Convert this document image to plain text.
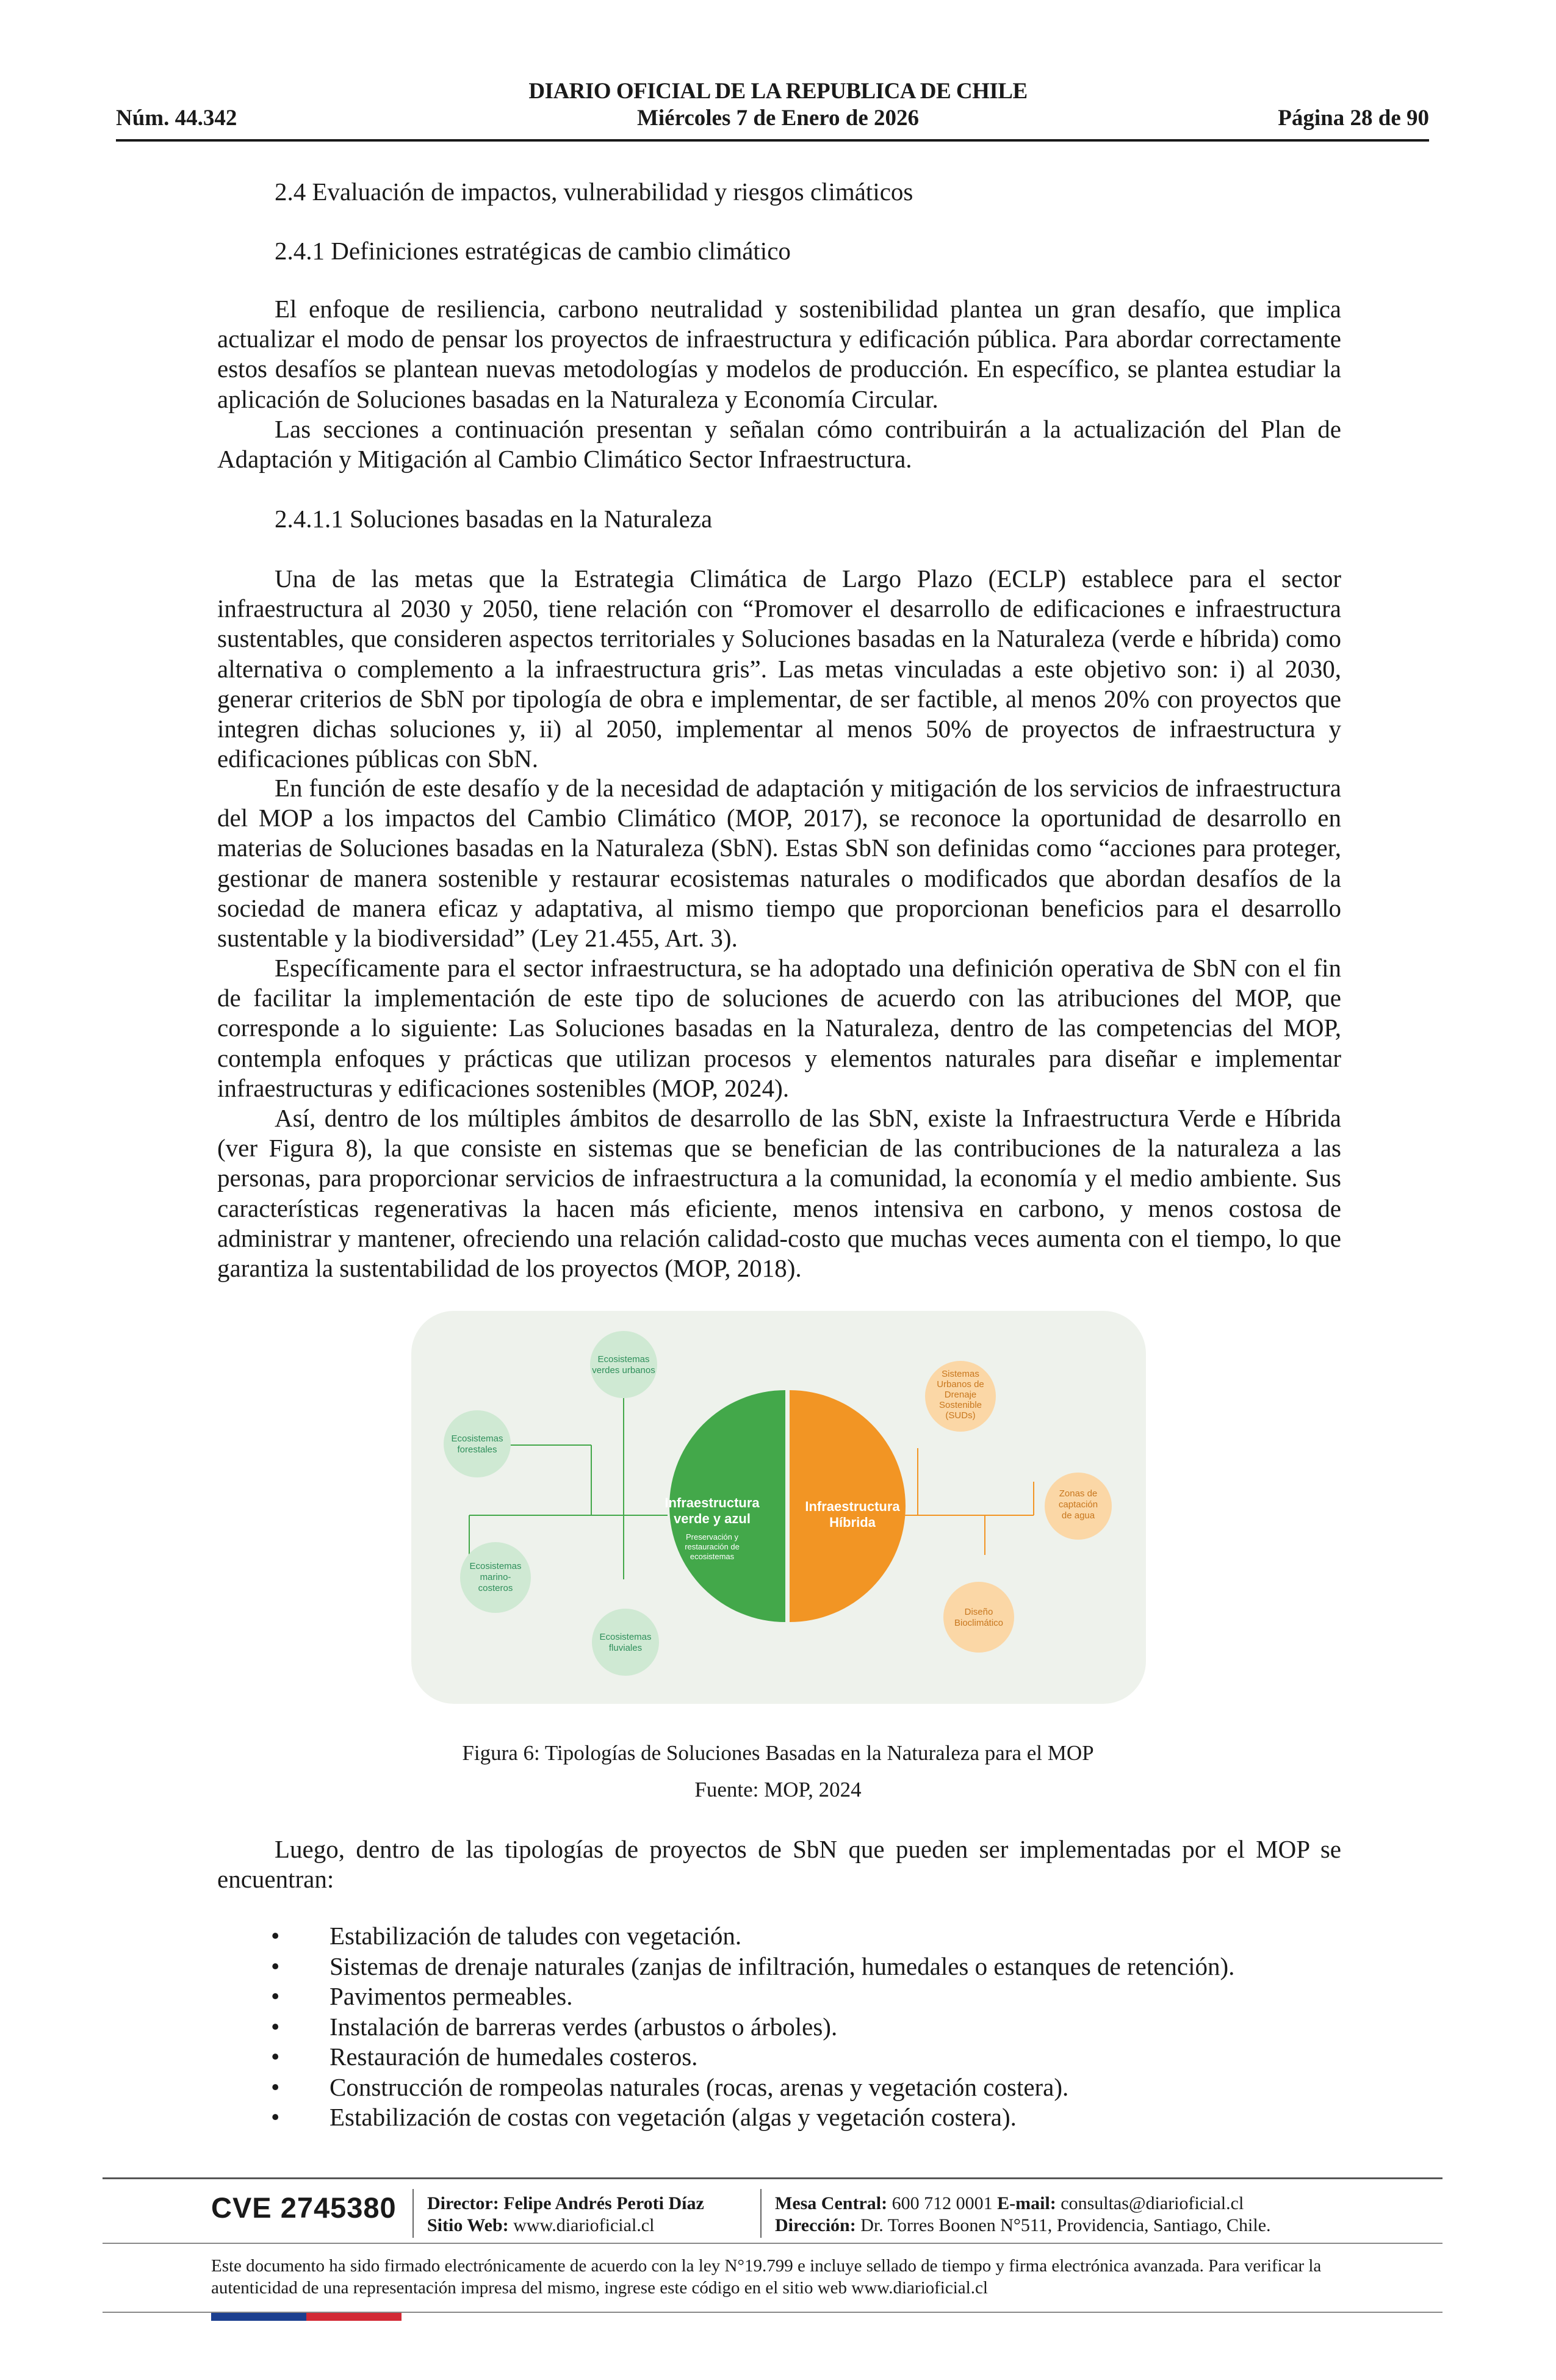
DIARIO OFICIAL DE LA REPUBLICA DE CHILE
Núm. 44.342	Miércoles 7 de Enero de 2026	Página 28 de 90
2.4 Evaluación de impactos, vulnerabilidad y riesgos climáticos
2.4.1 Definiciones estratégicas de cambio climático

El enfoque de resiliencia, carbono neutralidad y sostenibilidad plantea un gran desafío, que implica actualizar el modo de pensar los proyectos de infraestructura y edificación pública. Para abordar correctamente estos desafíos se plantean nuevas metodologías y modelos de producción. En específico, se plantea estudiar la aplicación de Soluciones basadas en la Naturaleza y Economía Circular.

Las secciones a continuación presentan y señalan cómo contribuirán a la actualización del Plan de Adaptación y Mitigación al Cambio Climático Sector Infraestructura.

2.4.1.1 Soluciones basadas en la Naturaleza

Una de las metas que la Estrategia Climática de Largo Plazo (ECLP) establece para el sector infraestructura al 2030 y 2050, tiene relación con “Promover el desarrollo de edificaciones e infraestructura sustentables, que consideren aspectos territoriales y Soluciones basadas en la Naturaleza (verde e híbrida) como alternativa o complemento a la infraestructura gris”. Las metas vinculadas a este objetivo son: i) al 2030, generar criterios de SbN por tipología de obra e implementar, de ser factible, al menos 20% con proyectos que integren dichas soluciones y, ii) al 2050, implementar al menos 50% de proyectos de infraestructura y edificaciones públicas con SbN.

En función de este desafío y de la necesidad de adaptación y mitigación de los servicios de infraestructura del MOP a los impactos del Cambio Climático (MOP, 2017), se reconoce la oportunidad de desarrollo en materias de Soluciones basadas en la Naturaleza (SbN). Estas SbN son definidas como “acciones para proteger, gestionar de manera sostenible y restaurar ecosistemas naturales o modificados que abordan desafíos de la sociedad de manera eficaz y adaptativa, al mismo tiempo que proporcionan beneficios para el desarrollo sustentable y la biodiversidad” (Ley 21.455, Art. 3).

Específicamente para el sector infraestructura, se ha adoptado una definición operativa de SbN con el fin de facilitar la implementación de este tipo de soluciones de acuerdo con las atribuciones del MOP, que corresponde a lo siguiente: Las Soluciones basadas en la Naturaleza, dentro de las competencias del MOP, contempla enfoques y prácticas que utilizan procesos y elementos naturales para diseñar e implementar infraestructuras y edificaciones sostenibles (MOP, 2024).

Así, dentro de los múltiples ámbitos de desarrollo de las SbN, existe la Infraestructura Verde e Híbrida (ver Figura 8), la que consiste en sistemas que se benefician de las contribuciones de la naturaleza a las personas, para proporcionar servicios de infraestructura a la comunidad, la economía y el medio ambiente. Sus características regenerativas la hacen más eficiente, menos intensiva en carbono, y menos costosa de administrar y mantener, ofreciendo una relación calidad-costo que muchas veces aumenta con el tiempo, lo que garantiza la sustentabilidad de los proyectos (MOP, 2018).

Infraestructura
verde y azul
Preservación y
restauración de
ecosistemas
Infraestructura
Híbrida
Ecosistemas
verdes urbanos
Ecosistemas
forestales
Ecosistemas
marino-
costeros
Ecosistemas
fluviales
Sistemas
Urbanos de
Drenaje
Sostenible
(SUDs)
Zonas de
captación
de agua
Diseño
Bioclimático
Figura 6: Tipologías de Soluciones Basadas en la Naturaleza para el MOP
Fuente: MOP, 2024

Luego, dentro de las tipologías de proyectos de SbN que pueden ser implementadas por el MOP se encuentran:

• Estabilización de taludes con vegetación.
• Sistemas de drenaje naturales (zanjas de infiltración, humedales o estanques de retención).
• Pavimentos permeables.
• Instalación de barreras verdes (arbustos o árboles).
• Restauración de humedales costeros.
• Construcción de rompeolas naturales (rocas, arenas y vegetación costera).
• Estabilización de costas con vegetación (algas y vegetación costera).
CVE 2745380 Director: Felipe Andrés Peroti Díaz
Sitio Web: www.diarioficial.cl
Mesa Central: 600 712 0001 E-mail: consultas@diarioficial.cl
Dirección: Dr. Torres Boonen N°511, Providencia, Santiago, Chile.
Este documento ha sido firmado electrónicamente de acuerdo con la ley N°19.799 e incluye sellado de tiempo y firma electrónica avanzada. Para verificar la autenticidad de una representación impresa del mismo, ingrese este código en el sitio web www.diarioficial.cl
